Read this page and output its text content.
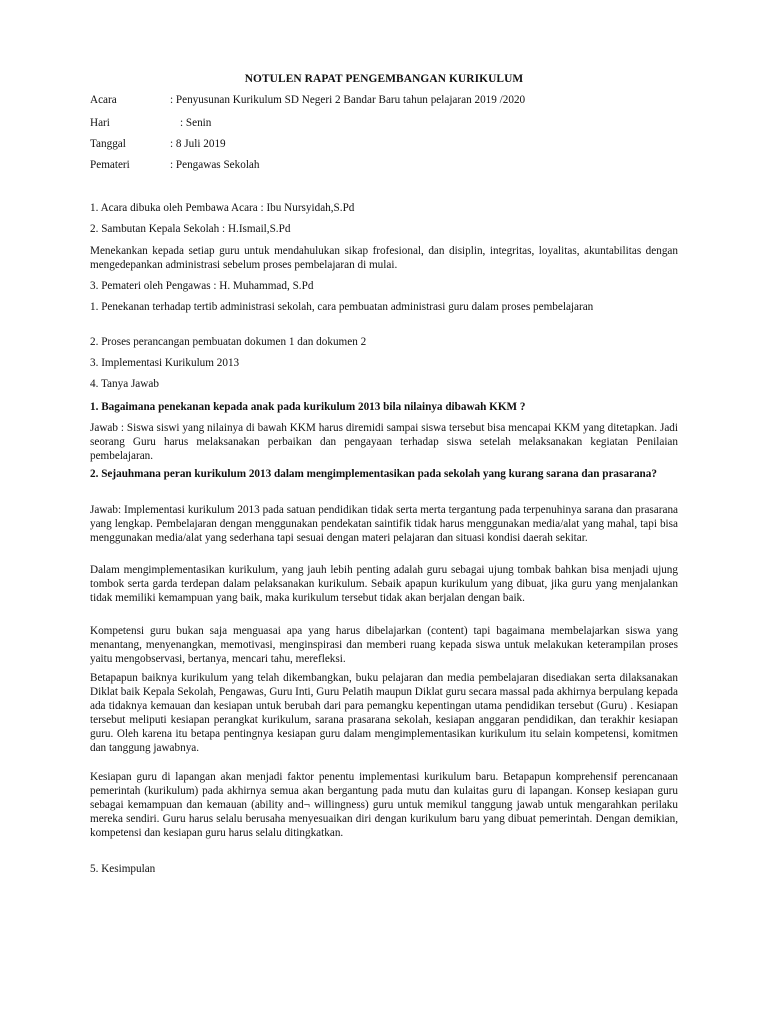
NOTULEN RAPAT PENGEMBANGAN KURIKULUM
Acara	: Penyusunan Kurikulum SD Negeri 2 Bandar Baru tahun pelajaran 2019 /2020
Hari	: Senin
Tanggal	: 8 Juli 2019
Pemateri	: Pengawas Sekolah
1. Acara dibuka oleh Pembawa Acara : Ibu Nursyidah,S.Pd
2. Sambutan Kepala Sekolah : H.Ismail,S.Pd
Menekankan kepada setiap guru untuk mendahulukan sikap frofesional, dan disiplin, integritas, loyalitas, akuntabilitas dengan mengedepankan administrasi sebelum proses pembelajaran di mulai.
3. Pemateri oleh Pengawas : H. Muhammad, S.Pd
1. Penekanan terhadap tertib administrasi sekolah, cara pembuatan administrasi guru dalam proses pembelajaran
2. Proses perancangan pembuatan dokumen 1 dan dokumen 2
3. Implementasi Kurikulum 2013
4. Tanya Jawab
1. Bagaimana penekanan kepada anak pada kurikulum 2013 bila nilainya dibawah KKM ?
Jawab : Siswa siswi yang nilainya di bawah KKM harus diremidi sampai siswa tersebut bisa mencapai KKM yang ditetapkan. Jadi seorang Guru harus melaksanakan perbaikan dan pengayaan terhadap siswa setelah melaksanakan kegiatan Penilaian pembelajaran.
2. Sejauhmana peran kurikulum 2013 dalam mengimplementasikan pada sekolah yang kurang sarana dan prasarana?
Jawab: Implementasi kurikulum 2013 pada satuan pendidikan tidak serta merta tergantung pada terpenuhinya sarana dan prasarana yang lengkap. Pembelajaran dengan menggunakan pendekatan saintifik tidak harus menggunakan media/alat yang mahal, tapi bisa menggunakan media/alat yang sederhana tapi sesuai dengan materi pelajaran dan situasi kondisi daerah sekitar.
Dalam mengimplementasikan kurikulum, yang jauh lebih penting adalah guru sebagai ujung tombak bahkan bisa menjadi ujung tombok serta garda terdepan dalam pelaksanakan kurikulum. Sebaik apapun kurikulum yang dibuat, jika guru yang menjalankan tidak memiliki kemampuan yang baik, maka kurikulum tersebut tidak akan berjalan dengan baik.
Kompetensi guru bukan saja menguasai apa yang harus dibelajarkan (content) tapi bagaimana membelajarkan siswa yang menantang, menyenangkan, memotivasi, menginspirasi dan memberi ruang kepada siswa untuk melakukan keterampilan proses yaitu mengobservasi, bertanya, mencari tahu, merefleksi.
Betapapun baiknya kurikulum yang telah dikembangkan, buku pelajaran dan media pembelajaran disediakan serta dilaksanakan Diklat baik Kepala Sekolah, Pengawas, Guru Inti, Guru Pelatih maupun Diklat guru secara massal pada akhirnya berpulang kepada ada tidaknya kemauan dan kesiapan untuk berubah dari para pemangku kepentingan utama pendidikan tersebut (Guru) . Kesiapan tersebut meliputi kesiapan perangkat kurikulum, sarana prasarana sekolah, kesiapan anggaran pendidikan, dan terakhir kesiapan guru. Oleh karena itu betapa pentingnya kesiapan guru dalam mengimplementasikan kurikulum itu selain kompetensi, komitmen dan tanggung jawabnya.
Kesiapan guru di lapangan akan menjadi faktor penentu implementasi kurikulum baru. Betapapun komprehensif perencanaan pemerintah (kurikulum) pada akhirnya semua akan bergantung pada mutu dan kulaitas guru di lapangan. Konsep kesiapan guru sebagai kemampuan dan kemauan (ability and¬ willingness) guru untuk memikul tanggung jawab untuk mengarahkan perilaku mereka sendiri. Guru harus selalu berusaha menyesuaikan diri dengan kurikulum baru yang dibuat pemerintah. Dengan demikian, kompetensi dan kesiapan guru harus selalu ditingkatkan.
5. Kesimpulan
